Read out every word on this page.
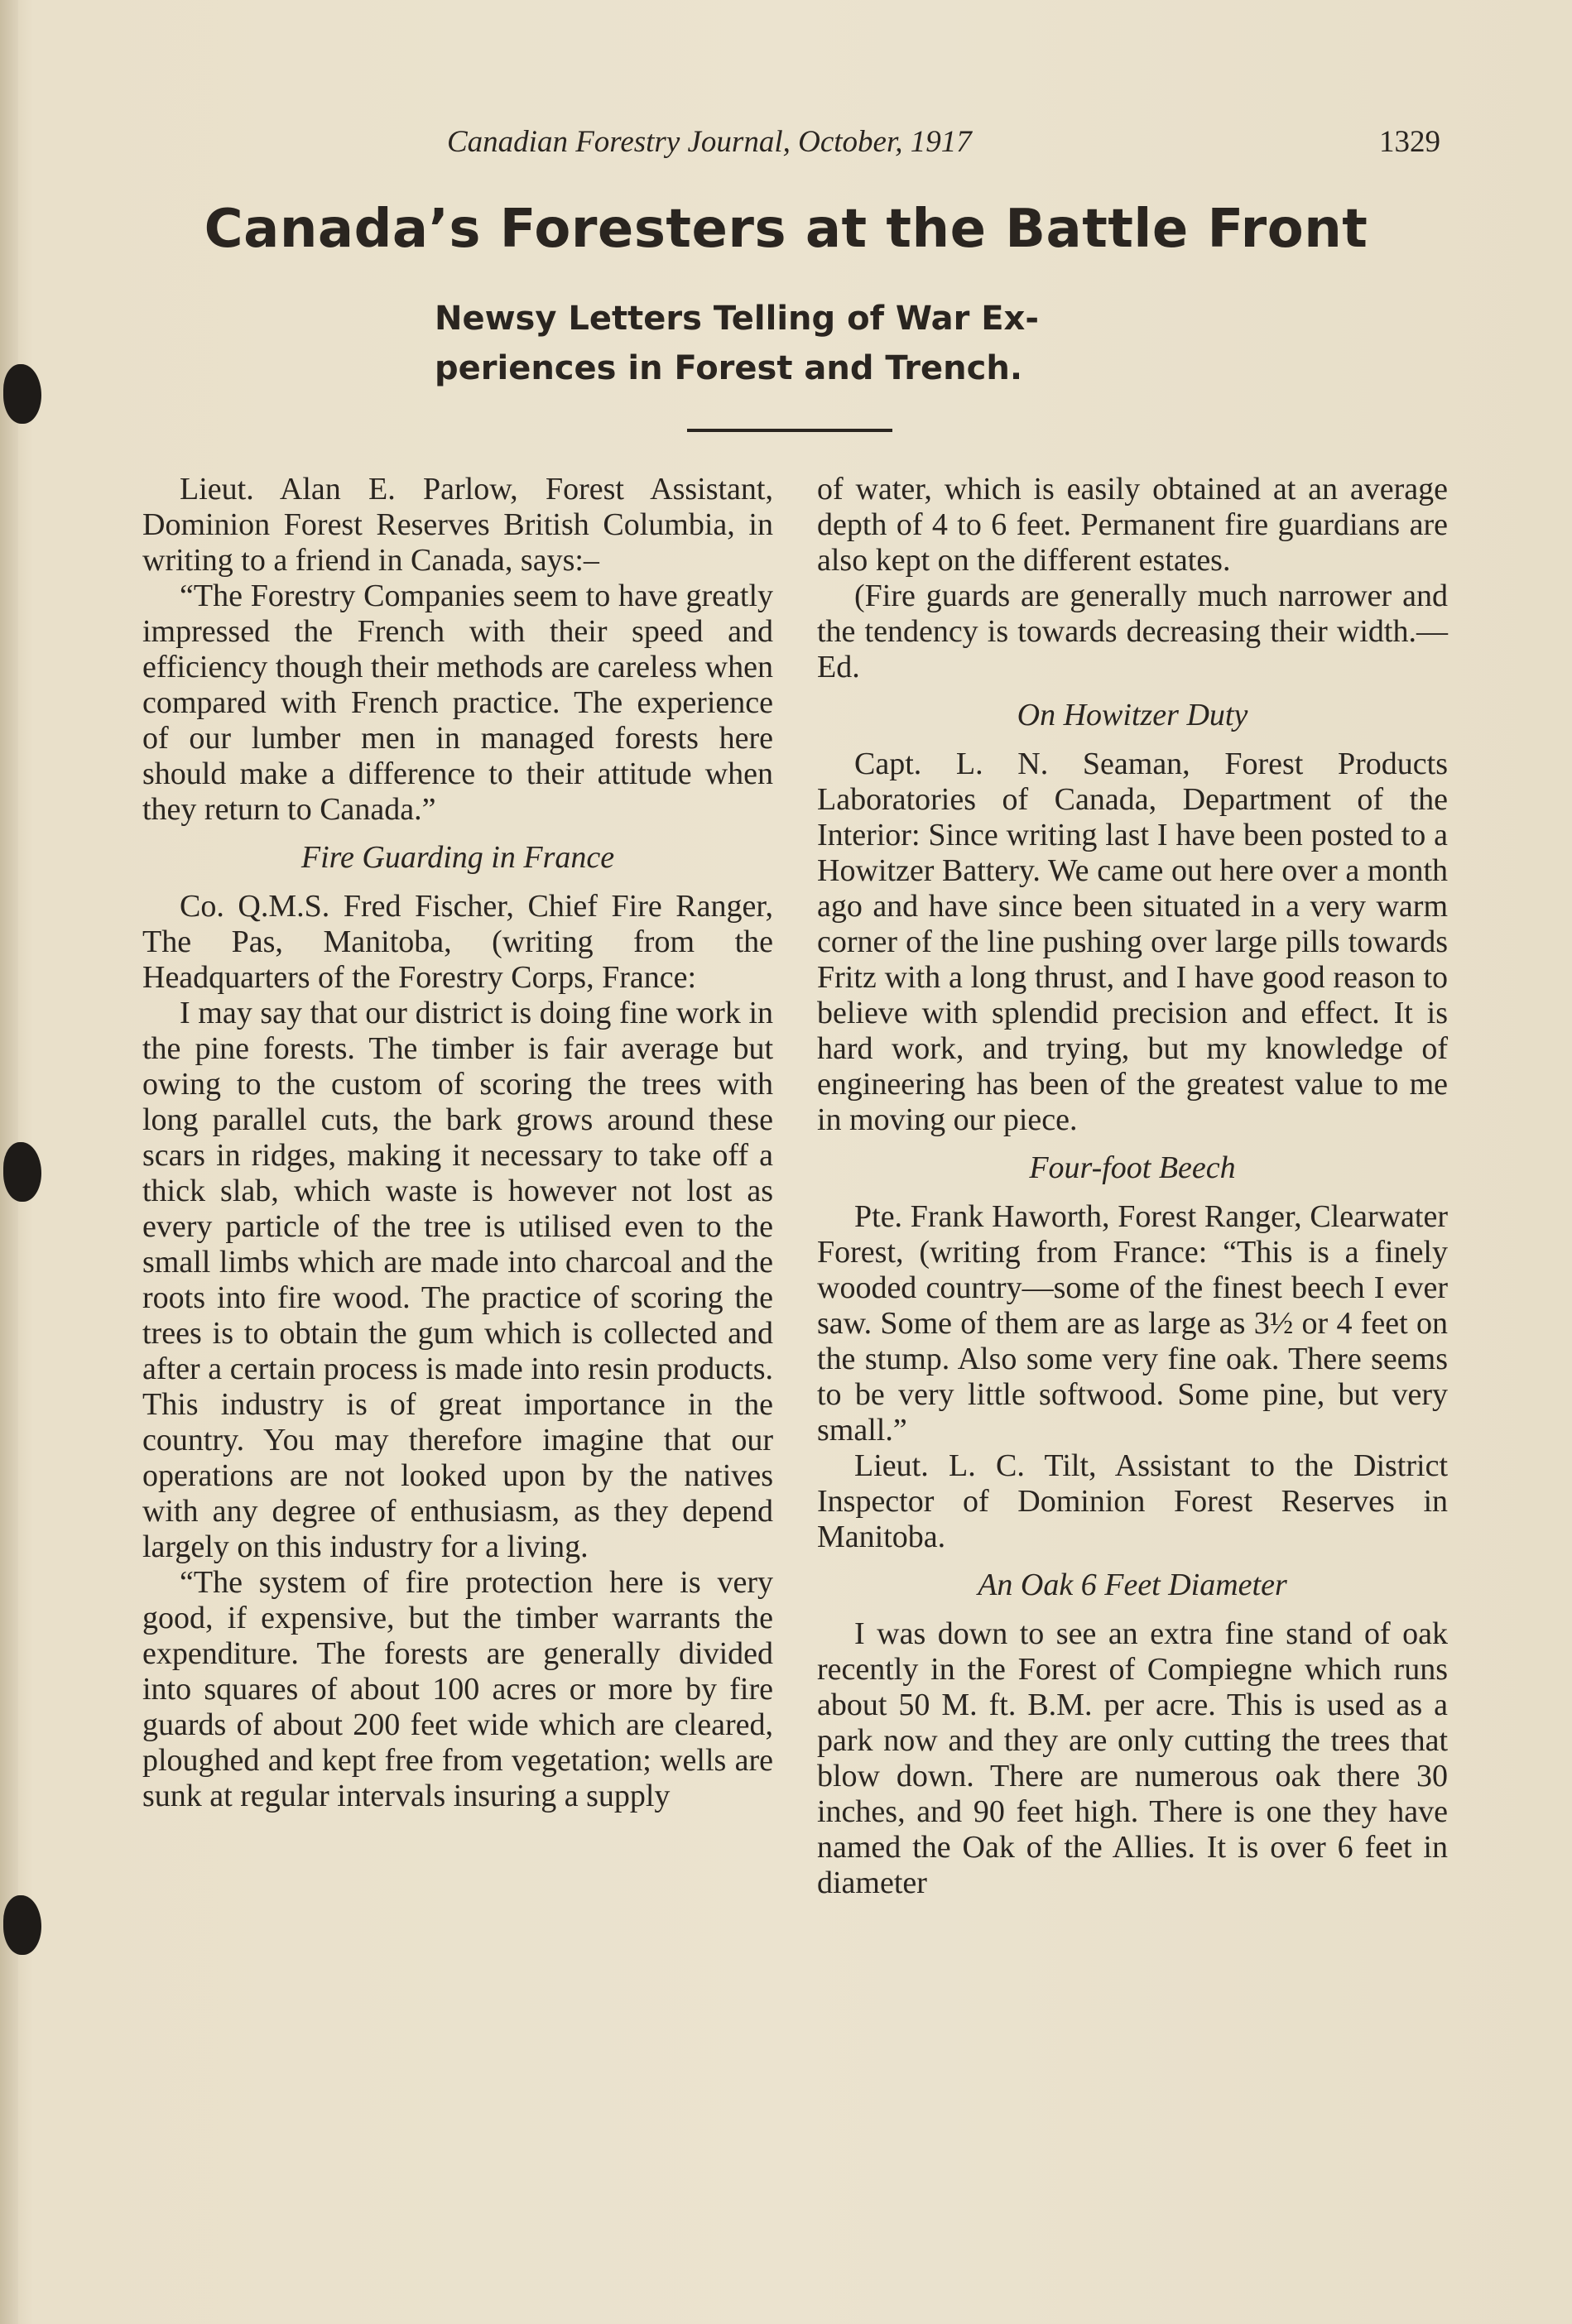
Canadian Forestry Journal, October, 1917	1329
Canada’s Foresters at the Battle Front
Newsy Letters Telling of War Ex-
periences in Forest and Trench.

Lieut. Alan E. Parlow, Forest Assistant, Dominion Forest Reserves British Columbia, in writing to a friend in Canada, says:–

“The Forestry Companies seem to have greatly impressed the French with their speed and efficiency though their methods are careless when compared with French practice. The experience of our lumber men in managed forests here should make a difference to their attitude when they return to Canada.”

Fire Guarding in France

Co. Q.M.S. Fred Fischer, Chief Fire Ranger, The Pas, Manitoba, (writing from the Headquarters of the Forestry Corps, France:

I may say that our district is doing fine work in the pine forests. The timber is fair average but owing to the custom of scoring the trees with long parallel cuts, the bark grows around these scars in ridges, making it necessary to take off a thick slab, which waste is however not lost as every particle of the tree is utilised even to the small limbs which are made into charcoal and the roots into fire wood. The practice of scoring the trees is to obtain the gum which is collected and after a certain process is made into resin products. This industry is of great importance in the country. You may therefore imagine that our operations are not looked upon by the natives with any degree of enthusiasm, as they depend largely on this industry for a living.

“The system of fire protection here is very good, if expensive, but the timber warrants the expenditure. The forests are generally divided into squares of about 100 acres or more by fire guards of about 200 feet wide which are cleared, ploughed and kept free from vegetation; wells are sunk at regular intervals insuring a supply

of water, which is easily obtained at an average depth of 4 to 6 feet. Permanent fire guardians are also kept on the different estates.

(Fire guards are generally much narrower and the tendency is towards decreasing their width.—Ed.

On Howitzer Duty

Capt. L. N. Seaman, Forest Products Laboratories of Canada, Department of the Interior: Since writing last I have been posted to a Howitzer Battery. We came out here over a month ago and have since been situated in a very warm corner of the line pushing over large pills towards Fritz with a long thrust, and I have good reason to believe with splendid precision and effect. It is hard work, and trying, but my knowledge of engineering has been of the greatest value to me in moving our piece.

Four-foot Beech

Pte. Frank Haworth, Forest Ranger, Clearwater Forest, (writing from France: “This is a finely wooded country—some of the finest beech I ever saw. Some of them are as large as 3½ or 4 feet on the stump. Also some very fine oak. There seems to be very little softwood. Some pine, but very small.”

Lieut. L. C. Tilt, Assistant to the District Inspector of Dominion Forest Reserves in Manitoba.

An Oak 6 Feet Diameter

I was down to see an extra fine stand of oak recently in the Forest of Compiegne which runs about 50 M. ft. B.M. per acre. This is used as a park now and they are only cutting the trees that blow down. There are numerous oak there 30 inches, and 90 feet high. There is one they have named the Oak of the Allies. It is over 6 feet in diameter
